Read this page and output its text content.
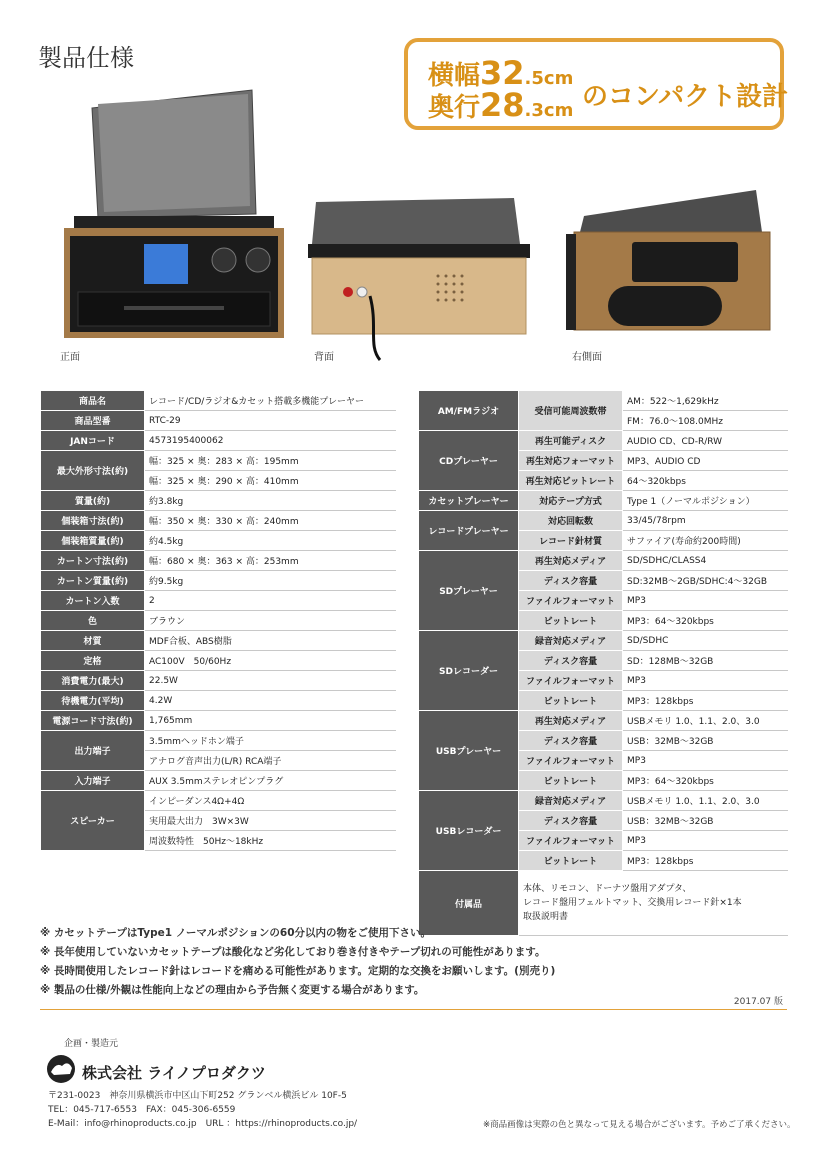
製品仕様
横幅32.5cm
奥行28.3cm のコンパクト設計
正面	背面	右側面
商品名	レコード/CD/ラジオ&カセット搭載多機能プレーヤー
商品型番	RTC-29
JANコード	4573195400062
最大外形寸法(約)	幅：325 × 奥：283 × 高：195mm
	幅：325 × 奥：290 × 高：410mm
質量(約)	約3.8kg
個装箱寸法(約)	幅：350 × 奥：330 × 高：240mm
個装箱質量(約)	約4.5kg
カートン寸法(約)	幅：680 × 奥：363 × 高：253mm
カートン質量(約)	約9.5kg
カートン入数	2
色	ブラウン
材質	MDF合板、ABS樹脂
定格	AC100V　50/60Hz
消費電力(最大)	22.5W
待機電力(平均)	4.2W
電源コード寸法(約)	1,765mm
出力端子	3.5mmヘッドホン端子
	アナログ音声出力(L/R) RCA端子
入力端子	AUX 3.5mmステレオピンプラグ
スピーカー	インピーダンス4Ω+4Ω
	実用最大出力　3W×3W
	周波数特性　50Hz〜18kHz
AM/FMラジオ	受信可能周波数帯	AM：522〜1,629kHz
		FM：76.0〜108.0MHz
CDプレーヤー	再生可能ディスク	AUDIO CD、CD-R/RW
	再生対応フォーマット	MP3、AUDIO CD
	再生対応ビットレート	64〜320kbps
カセットプレーヤー	対応テープ方式	Type 1（ノーマルポジション）
レコードプレーヤー	対応回転数	33/45/78rpm
	レコード針材質	サファイア(寿命約200時間)
SDプレーヤー	再生対応メディア	SD/SDHC/CLASS4
	ディスク容量	SD:32MB〜2GB/SDHC:4〜32GB
	ファイルフォーマット	MP3
	ビットレート	MP3：64〜320kbps
SDレコーダー	録音対応メディア	SD/SDHC
	ディスク容量	SD：128MB〜32GB
	ファイルフォーマット	MP3
	ビットレート	MP3：128kbps
USBプレーヤー	再生対応メディア	USBメモリ 1.0、1.1、2.0、3.0
	ディスク容量	USB：32MB〜32GB
	ファイルフォーマット	MP3
	ビットレート	MP3：64〜320kbps
USBレコーダー	録音対応メディア	USBメモリ 1.0、1.1、2.0、3.0
	ディスク容量	USB：32MB〜32GB
	ファイルフォーマット	MP3
	ビットレート	MP3：128kbps
付属品	本体、リモコン、ドーナツ盤用アダプタ、
レコード盤用フェルトマット、交換用レコード針×1本
取扱説明書	
※ カセットテープはType1 ノーマルポジションの60分以内の物をご使用下さい。
※ 長年使用していないカセットテープは酸化など劣化しており巻き付きやテープ切れの可能性があります。
※ 長時間使用したレコード針はレコードを痛める可能性があります。定期的な交換をお願いします。(別売り)
※ 製品の仕様/外観は性能向上などの理由から予告無く変更する場合があります。
2017.07 版
企画・製造元
株式会社 ライノプロダクツ
〒231-0023　神奈川県横浜市中区山下町252 グランベル横浜ビル 10F-5
TEL：045-717-6553　FAX：045-306-6559
E-Mail：info@rhinoproducts.co.jp　URL ：https://rhinoproducts.co.jp/	※商品画像は実際の色と異なって見える場合がございます。予めご了承ください。
